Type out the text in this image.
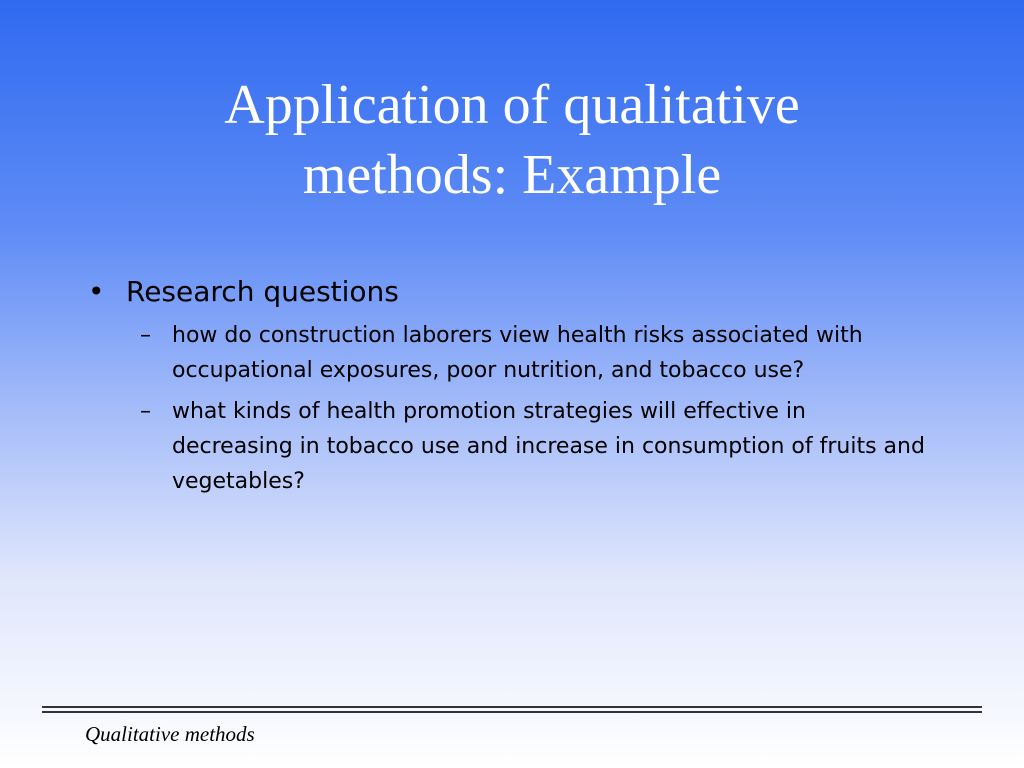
Application of qualitative
methods: Example
• Research questions
– how do construction laborers view health risks associated with occupational exposures, poor nutrition, and tobacco use?
– what kinds of health promotion strategies will effective in decreasing in tobacco use and increase in consumption of fruits and vegetables?
Qualitative methods
